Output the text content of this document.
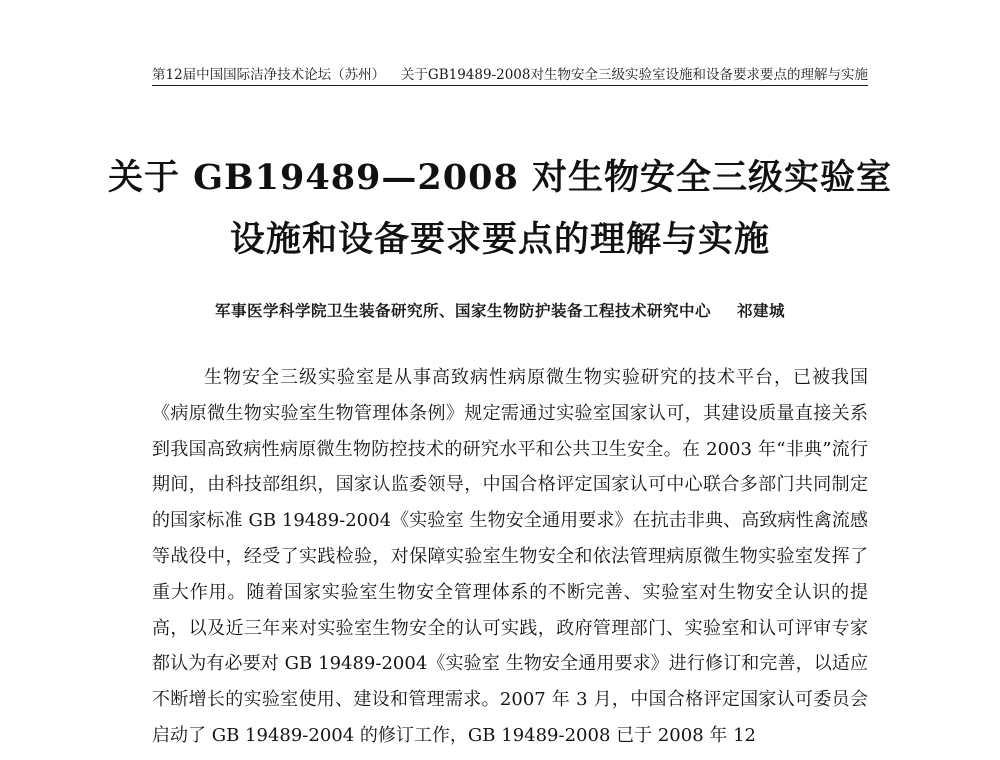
第12届中国国际洁净技术论坛（苏州） 关于GB19489-2008对生物安全三级实验室设施和设备要求要点的理解与实施
关于 GB19489—2008 对生物安全三级实验室
设施和设备要求要点的理解与实施
军事医学科学院卫生装备研究所、国家生物防护装备工程技术研究中心 祁建城
生物安全三级实验室是从事高致病性病原微生物实验研究的技术平台，已被我国《病原微生物实验室生物管理体条例》规定需通过实验室国家认可，其建设质量直接关系到我国高致病性病原微生物防控技术的研究水平和公共卫生安全。在 2003 年“非典”流行期间，由科技部组织，国家认监委领导，中国合格评定国家认可中心联合多部门共同制定的国家标准 GB 19489-2004《实验室 生物安全通用要求》在抗击非典、高致病性禽流感等战役中，经受了实践检验，对保障实验室生物安全和依法管理病原微生物实验室发挥了重大作用。随着国家实验室生物安全管理体系的不断完善、实验室对生物安全认识的提高，以及近三年来对实验室生物安全的认可实践，政府管理部门、实验室和认可评审专家都认为有必要对 GB 19489-2004《实验室 生物安全通用要求》进行修订和完善，以适应不断增长的实验室使用、建设和管理需求。2007 年 3 月，中国合格评定国家认可委员会启动了 GB 19489-2004 的修订工作，GB 19489-2008 已于 2008 年 12
